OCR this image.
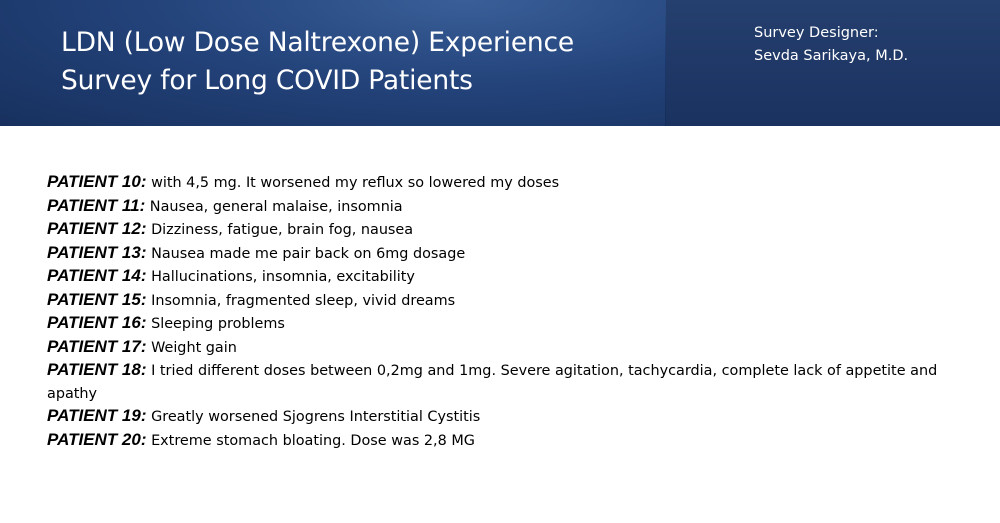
LDN (Low Dose Naltrexone) Experience
Survey for Long COVID Patients
Survey Designer:
Sevda Sarikaya, M.D.

PATIENT 10: with 4,5 mg. It worsened my reflux so lowered my doses

PATIENT 11: Nausea, general malaise, insomnia

PATIENT 12: Dizziness, fatigue, brain fog, nausea

PATIENT 13: Nausea made me pair back on 6mg dosage

PATIENT 14: Hallucinations, insomnia, excitability

PATIENT 15: Insomnia, fragmented sleep, vivid dreams

PATIENT 16: Sleeping problems

PATIENT 17: Weight gain

PATIENT 18: I tried different doses between 0,2mg and 1mg. Severe agitation, tachycardia, complete lack of appetite and apathy

PATIENT 19: Greatly worsened Sjogrens Interstitial Cystitis

PATIENT 20: Extreme stomach bloating. Dose was 2,8 MG
